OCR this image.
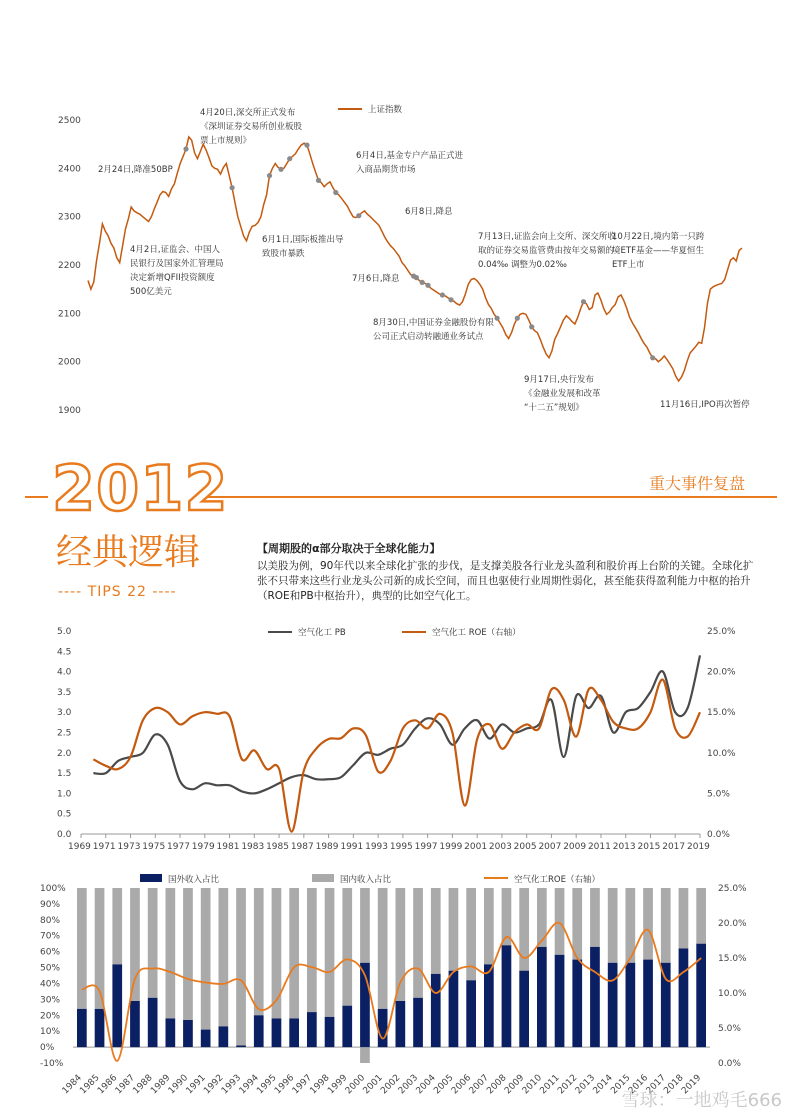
1900
2000
2100
2200
2300
2400
2500
上证指数
2月24日,降准50BP
4月2日,证监会、中国人民银行及国家外汇管理局决定新增QFII投资额度 500亿美元
4月20日,深交所正式发布《深圳证券交易所创业板股票上市规则》
6月1日,国际板推出导致股市暴跌
6月4日,基金专户产品正式进入商品期货市场
6月8日,降息
7月6日,降息
7月13日,证监会向上交所、深交所收取的证券交易监管费由按年交易额的 0.04‰ 调整为0.02‰
8月30日,中国证券金融股份有限公司正式启动转融通业务试点
9月17日,央行发布《金融业发展和改革“十二五”规划》
10月22日,境内第一只跨境ETF基金——华夏恒生 ETF上市
11月16日,IPO再次暂停
2012
经典逻辑
---- TIPS 22 ----
重大事件复盘
【周期股的α部分取决于全球化能力】
以美股为例，90年代以来全球化扩张的步伐，是支撑美股各行业龙头盈利和股价再上台阶的关键。全球化扩张不只带来这些行业龙头公司新的成长空间，而且也驱使行业周期性弱化，甚至能获得盈利能力中枢的抬升（ROE和PB中枢抬升），典型的比如空气化工。
空气化工 PB	空气化工 ROE（右轴）
0.0
0.5
1.0
1.5
2.0
2.5
3.0
3.5
4.0
4.5
5.0
0.0%
5.0%
10.0%
15.0%
20.0%
25.0%
1969 1971 1973 1975 1977 1979 1981 1983 1985 1987 1989 1991 1993 1995 1997 1999 2001 2003 2005 2007 2009 2011 2013 2015 2017 2019
国外收入占比	国内收入占比	空气化工ROE（右轴）
-10%
0%
10%
20%
30%
40%
50%
60%
70%
80%
90%
100%
0.0%
5.0%
10.0%
15.0%
20.0%
25.0%
1984
1985
1986
1987
1988
1989
1990
1991
1992
1993
1994
1995
1996
1997
1998
1999
2000
2001
2002
2003
2004
2005
2006
2007
2008
2009
2010
2011
2012
2013
2014
2015
2016
2017
2018
2019
雪球：一地鸡毛666
